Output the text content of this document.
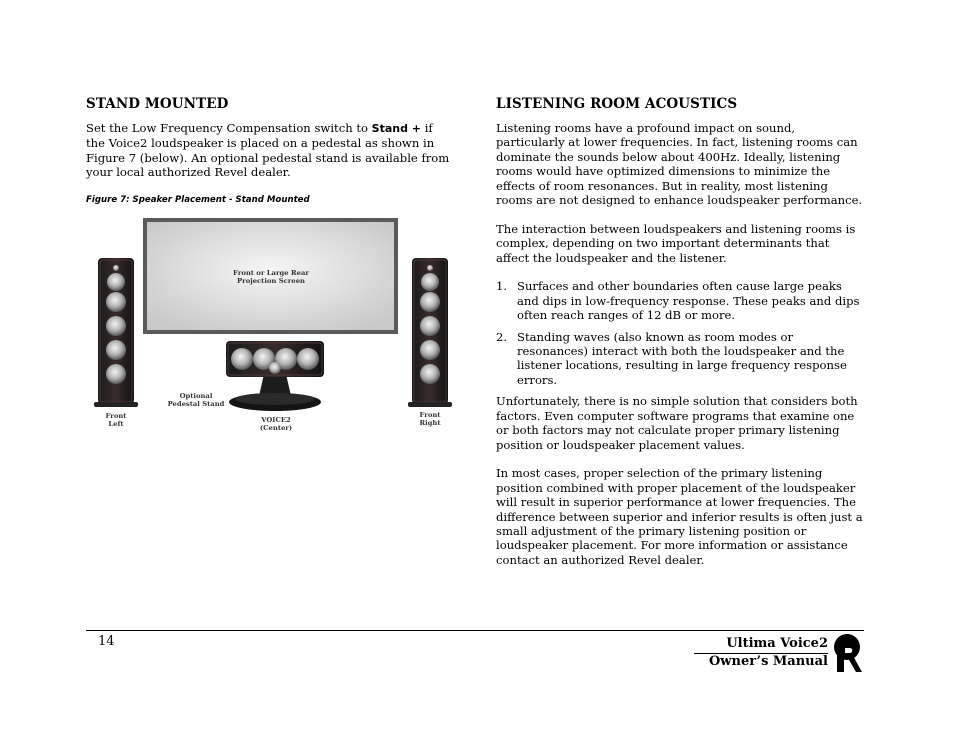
STAND MOUNTED

Set the Low Frequency Compensation switch to Stand + if the Voice2 loudspeaker is placed on a pedestal as shown in Figure 7 (below). An optional pedestal stand is available from your local authorized Revel dealer.

Figure 7: Speaker Placement - Stand Mounted
Front or Large Rear
Projection Screen
Optional
Pedestal Stand
Front
Left
Front
Right
VOICE2
(Center)
LISTENING ROOM ACOUSTICS

Listening rooms have a profound impact on sound, particularly at lower frequencies. In fact, listening rooms can dominate the sounds below about 400Hz. Ideally, listening rooms would have optimized dimensions to minimize the effects of room resonances. But in reality, most listening rooms are not designed to enhance loudspeaker performance.

The interaction between loudspeakers and listening rooms is complex, depending on two important determinants that affect the loudspeaker and the listener.

1. Surfaces and other boundaries often cause large peaks and dips in low-frequency response. These peaks and dips often reach ranges of 12 dB or more.
2. Standing waves (also known as room modes or resonances) interact with both the loudspeaker and the listener locations, resulting in large frequency response errors.

Unfortunately, there is no simple solution that considers both factors. Even computer software programs that examine one or both factors may not calculate proper primary listening position or loudspeaker placement values.

In most cases, proper selection of the primary listening position combined with proper placement of the loudspeaker will result in superior performance at lower frequencies. The difference between superior and inferior results is often just a small adjustment of the primary listening position or loudspeaker placement. For more information or assistance contact an authorized Revel dealer.

14	Ultima Voice2
Owner’s Manual
